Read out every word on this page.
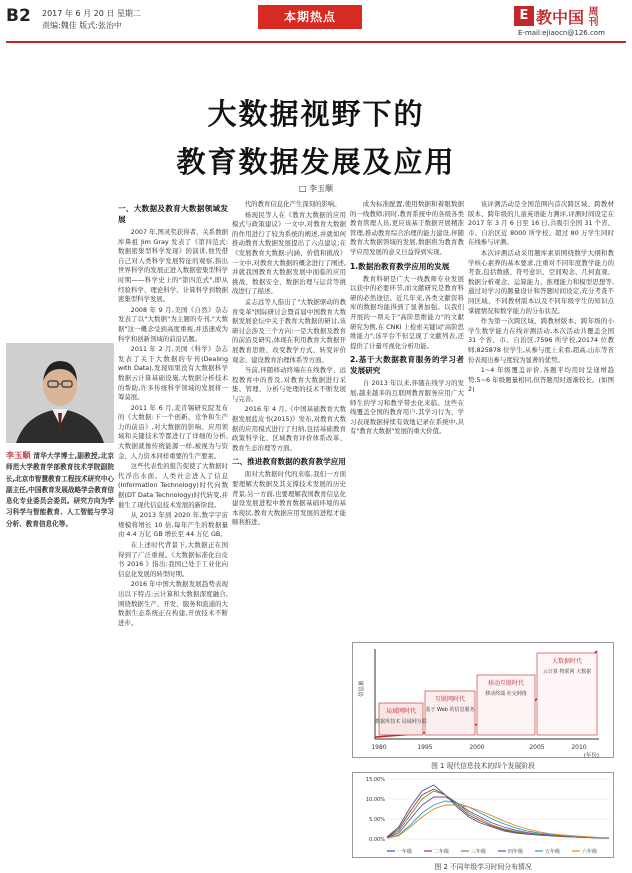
B2 2017 年 6 月 20 日 星期二
责编:魏佳 版式:张治中
本期热点	E 教中国 周刊
E-mail:ejiaocn@126.com
大数据视野下的
教育数据发展及应用
□ 李玉顺
李玉顺 清华大学博士,副教授,北京师范大学教育学部教育技术学院副院长,北京市智慧教育工程技术研究中心副主任,中国教育发展战略学会教育信息化专业委员会委员。研究方向为学习科学与智能教育、人工智能与学习分析、教育信息化等。
一、大数据及教育大数据领域发展

2007 年,图灵奖获得者、关系数据库鼻祖 Jim Gray 发表了《第四范式:数据密集型科学发现》的演讲,他凭借自己对人类科学发展特征的观察,指出世界科学的发展正进入数据密集型科学时期——科学史上的"第四范式",即从经验科学、理论科学、计算科学到数据密集型科学发展。

2008 年 9 月,美国《自然》杂志发表了以"大数据"为主题的专刊,"大数据"这一概念受到高度重视,并迅速成为科学和创新领域的前沿话题。

2011 年 2 月,美国《科学》杂志发表了关于大数据的专刊(Dealing with Data),发现如果没有大数据科学数据云计算基础设施,大数据分析技术的帮助,许多传统科学领域的发展将一筹莫展。

2011 年 6 月,麦肯锡研究院发布的《大数据:下一个创新、竞争和生产力的前沿》,对大数据的影响、应用领域和关键技术等都进行了详细的分析,大数据就像传统能源一样,被视为与资金、人力资本同样重要的生产要素。

这些代表性的报告促使了大数据时代浮出水面。人类社会进入了信息(Information Technology)时代向数据(DT Data Technology)时代转变,并催生了现代信息技术发展的新阶段。

从 2013 年到 2020 年,数字宇宙规模将增长 10 倍,每年产生的数据量由 4.4 万亿 GB 增长至 44 万亿 GB。

在上述时代背景下,大数据正在国得到了广泛重视。《大数据标准化白皮书 2016 》指出:我国已处于工业化向信息化发展的转型时期。

2016 年中国大数据发展趋势表现出以下特点:云计算和大数据深度融合,围绕数据生产、开发、服务和流通的大数据生态系统正在构建,开放技术不断进步。

代的教育信息化产生深刻的影响。

杨现民等人在《教育大数据的应用模式与政策建议》一文中,对教育大数据的作用进行了较为系统的阐述,并就如何推动教育大数据发展提出了六点建议;在《发展教育大数据:内涵、价值和挑战》一文中,对教育大数据的概念进行了阐述,并就我国教育大数据发展中面临的应用挑战、数据安全、数据治理与运营等挑战进行了描述。

孟志远等人指出了"大数据驱动的教育变革"国际研讨会暨首届中国教育大数据发展论坛中关于教育大数据的研讨,该研讨会涉及三个方向:一是大数据及教育的前沿及研究,体现在利用教育大数据开展教育思维、改变教学方式、转变评价观念、建设教育治理体系等方面。

当前,伴随移动终端在在线教学、远程教育中的普及,对教育大数据进行采集、管理、分析与处理的技术不断发展与完善。

2016 年 4 月,《中国基础教育大数据发展蓝皮书(2015)》发布,对教育大数据的应用模式进行了归纳,包括基础教育政策科学化、区域教育评价体系改革、教育生态治理等方面。

二、推进教育数据的教育教学应用

面对大数据时代的来临,我们一方面要理解大数据及其支撑技术发展的历史背景,另一方面,也要理解我国教育信息化建设发展进程中教育数据基础环境的基本现状,教育大数据应用发展的进程才能顺利推进。

成为标准配置,使用数据和着眼数据的一线教师;同时,教育系统中的各级各类教育管理人员,更应该基于数据开展精准管理,推动教育综合治理的能力建设,伴随教育大数据领域的发展,数据将为教育教学应用发展的意义日益得到实现。

1.数据治教育教学应用的发展

教育科研是广大一线教师专业发展以获中的必要环节,而文献研究是教育科研的必然途径。近几年来,各类文献资料库的数据均能得到了显著加强。以我们开展的一项关于"高阶思维能力"的文献研究为例,在 CNKI 上检索关键词"高阶思维能力",该平台不但呈现了文献列表,还提供了计量可视化分析功能。

2.基于大数据教育服务的学习者发展研究

自 2013 年以来,伴随在线学习的发展,越来越多的互联网教育服务应用广大师生的学习和教学带去化来临。这些在线覆盖全国的教育用户,其学习行为、学习表现数据持续有效地记录在系统中,具有"教育大数据"发展的重大价值。

该评测活动是全国范围内首次跨区域、跨教材版本、跨年级的儿童英语能力测评,评测时间设定在 2017 年 3 月 6 日至 16 日,共吸引全国 31 个省、市、自治区近 8000 所学校、超过 80 万学生同时在线参与评测。

本次评测活动采用题库素质围绕数学大纲和教学核心素养的基本要求,注重对不同年度教学能力的考查,包括数感、符号意识、空间观念、几何直观、数据分析观念、运算能力、推理能力和模型思想等,通过对学习的题量设计和答题时间设定,充分考查不同区域、不同教材版本以及不同年级学生的知识点掌握情况和数学能力的分布状况。

作为第一次跨区域、跨教材版本、跨年级的小学生数学能力在线评测活动,本次活动共覆盖全国 31 个省、市、自治区,7596 所学校,20174 位教师,825878 位学生,从参与度上来看,超高,山东等省份表现出参与度较为显著的优势。

1~4 年级覆盖评价,各题平均用时呈递增趋势,5~6 年级题量相同,但答题用时逐渐较长。(如图 2)

局域网时代
数据库技术 局域网互联
互联网时代
基于 Web 的信息服务
移动互联时代
移动终端 社交网络
大数据时代
云计算 物联网 大数据
信息量
1980	1995	2000	2005	2010
(年份)
图 1 现代信息技术的四个发展阶段
15.00%
10.00%
5.00%
0.00%
一年级	二年级	三年级	四年级	五年级	六年级
图 2 不同年级学习时间分布情况
